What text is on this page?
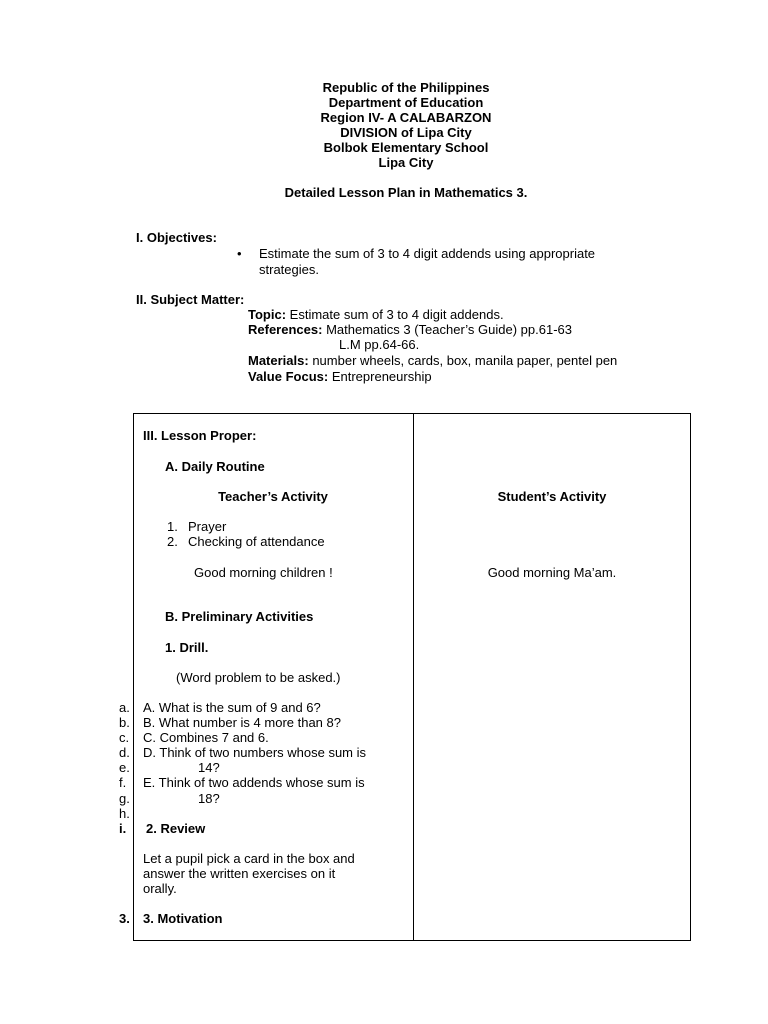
Republic of the Philippines
Department of Education
Region IV- A CALABARZON
DIVISION of Lipa City
Bolbok Elementary School
Lipa City
Detailed Lesson Plan in Mathematics 3.
I. Objectives:
• Estimate the sum of 3 to 4 digit addends using appropriate
strategies.
II. Subject Matter:
Topic: Estimate sum of 3 to 4 digit addends.
References: Mathematics 3 (Teacher’s Guide) pp.61-63
L.M pp.64-66.
Materials: number wheels, cards, box, manila paper, pentel pen
Value Focus: Entrepreneurship
III. Lesson Proper:
A. Daily Routine
Teacher’s Activity	Student’s Activity
1. Prayer
2. Checking of attendance
Good morning children !	Good morning Ma’am.
B. Preliminary Activities
1. Drill.
(Word problem to be asked.)
a.
b.
c.
d.
e.
f.
g.
h.
i.
A. What is the sum of 9 and 6?
B. What number is 4 more than 8?
C. Combines 7 and 6.
D. Think of two numbers whose sum is
14?
E. Think of two addends whose sum is
18?
2. Review
Let a pupil pick a card in the box and
answer the written exercises on it
orally.
3. 3. Motivation
